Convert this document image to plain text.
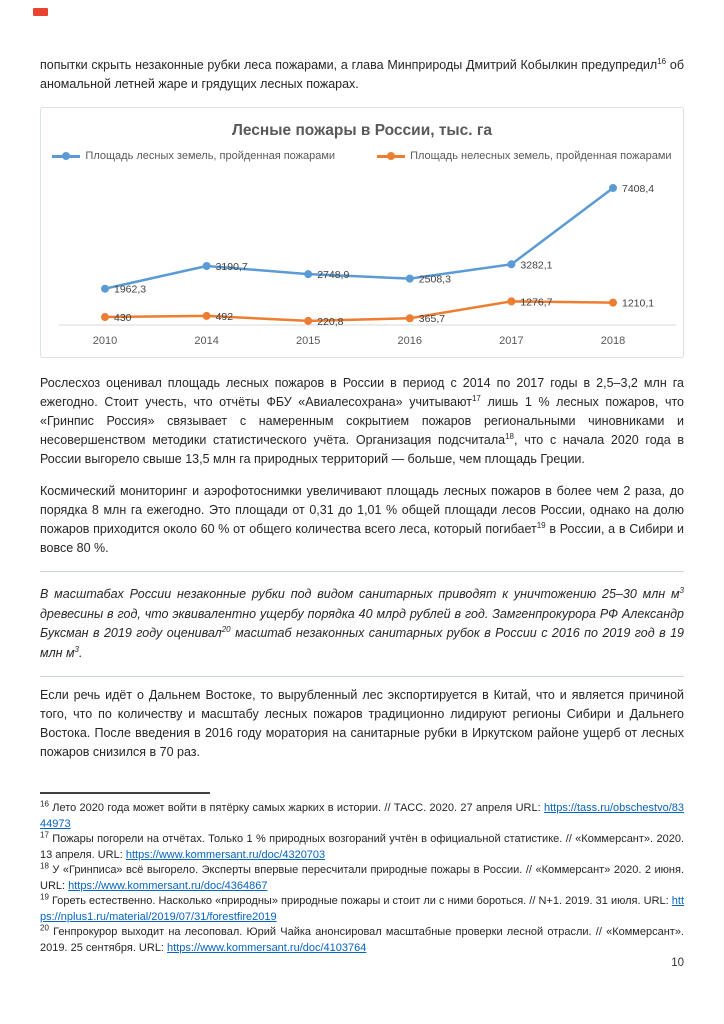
попытки скрыть незаконные рубки леса пожарами, а глава Минприроды Дмитрий Кобылкин предупредил$^{16}$ об аномальной летней жаре и грядущих лесных пожарах.

Лесные пожары в России, тыс. га
Площадь лесных земель, пройденная пожарами	Площадь нелесных земель, пройденная пожарами
2010	2014	2015	2016	2017	2018
1962,3
3190,7
2748,9	2508,3
3282,1
7408,4
430	492	220,8	365,7
1276,7	1210,1

Рослесхоз оценивал площадь лесных пожаров в России в период с 2014 по 2017 годы в 2,5–3,2 млн га ежегодно. Стоит учесть, что отчёты ФБУ «Авиалесохрана» учитывают$^{17}$ лишь 1 % лесных пожаров, что «Гринпис Россия» связывает с намеренным сокрытием пожаров региональными чиновниками и несовершенством методики статистического учёта. Организация подсчитала$^{18}$, что с начала 2020 года в России выгорело свыше 13,5 млн га природных территорий — больше, чем площадь Греции.

Космический мониторинг и аэрофотоснимки увеличивают площадь лесных пожаров в более чем 2 раза, до порядка 8 млн га ежегодно. Это площади от 0,31 до 1,01 % общей площади лесов России, однако на долю пожаров приходится около 60 % от общего количества всего леса, который погибает$^{19}$ в России, а в Сибири и вовсе 80 %.

В масштабах России незаконные рубки под видом санитарных приводят к уничтожению 25–30 млн $м^3$ древесины в год, что эквивалентно ущербу порядка 40 млрд рублей в год. Замгенпрокурора РФ Александр Буксман в 2019 году оценивал$^{20}$ масштаб незаконных санитарных рубок в России с 2016 по 2019 год в 19 млн $м^3$.

Если речь идёт о Дальнем Востоке, то вырубленный лес экспортируется в Китай, что и является причиной того, что по количеству и масштабу лесных пожаров традиционно лидируют регионы Сибири и Дальнего Востока. После введения в 2016 году моратория на санитарные рубки в Иркутском районе ущерб от лесных пожаров снизился в 70 раз.

$^{16}$ Лето 2020 года может войти в пятёрку самых жарких в истории. // ТАСС. 2020. 27 апреля URL: https://tass.ru/obschestvo/8344973

$^{17}$ Пожары погорели на отчётах. Только 1 % природных возгораний учтён в официальной статистике. // «Коммерсант». 2020. 13 апреля. URL: https://www.kommersant.ru/doc/4320703

$^{18}$ У «Гринписа» всё выгорело. Эксперты впервые пересчитали природные пожары в России. // «Коммерсант» 2020. 2 июня. URL: https://www.kommersant.ru/doc/4364867

$^{19}$ Гореть естественно. Насколько «природны» природные пожары и стоит ли с ними бороться. // N+1. 2019. 31 июля. URL: https://nplus1.ru/material/2019/07/31/forestfire2019

$^{20}$ Генпрокурор выходит на лесоповал. Юрий Чайка анонсировал масштабные проверки лесной отрасли. // «Коммерсант». 2019. 25 сентября. URL: https://www.kommersant.ru/doc/4103764

10
